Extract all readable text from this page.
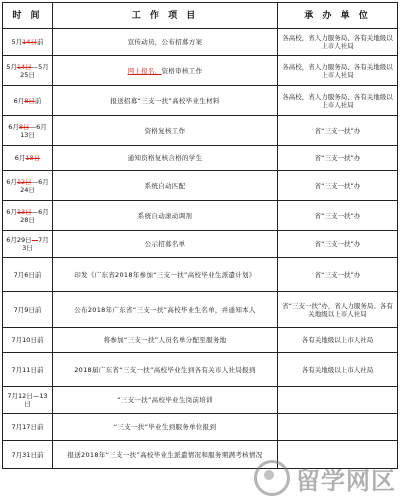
时 间	工 作 项 目	承 办 单 位
5月14日前	宣传动员，公布招募方案	各高校，省人力服务局、各有关地级以上市人社局
5月14日—5月25日	网上报名，资格审核工作	各高校，省人力服务局、各有关地级以上市人社局
6月8日前	报送招募“三支一扶”高校毕业生材料	各高校，省人力服务局、各有关地级以上市人社局
6月8日—6月13日	资格复核工作	省“三支一扶”办
6月18日	通知资格复核合格的学生	省“三支一扶”办
6月12日—6月24日	系统自动匹配	省“三支一扶”办
6月13日—6月28日	系统自动滚动调剂	省“三支一扶”办
6月29日—7月3日	公示招募名单	省“三支一扶”办
7月6日前	印发《广东省2018年参加“三支一扶”高校毕业生派遣计划》	省“三支一扶”办
7月9日前	公布2018年广东省“三支一扶”高校毕业生名单，并通知本人	省“三支一扶”办，省人力服务局、各有关地级以上市人社局
7月10日前	将参加“三支一扶”人员名单分配至服务地	各有关地级以上市人社局
7月11日前	2018届广东省“三支一扶”高校毕业生到各有关市人社局报到	各有关地级以上市人社局
7月12日—13日	“三支一扶”高校毕业生岗前培训	
7月17日前	“三支一扶”毕业生到服务单位报到	
7月31日前	报送2018年“三支一扶”高校毕业生派遣情况和服务期满考核情况	
留学网区
